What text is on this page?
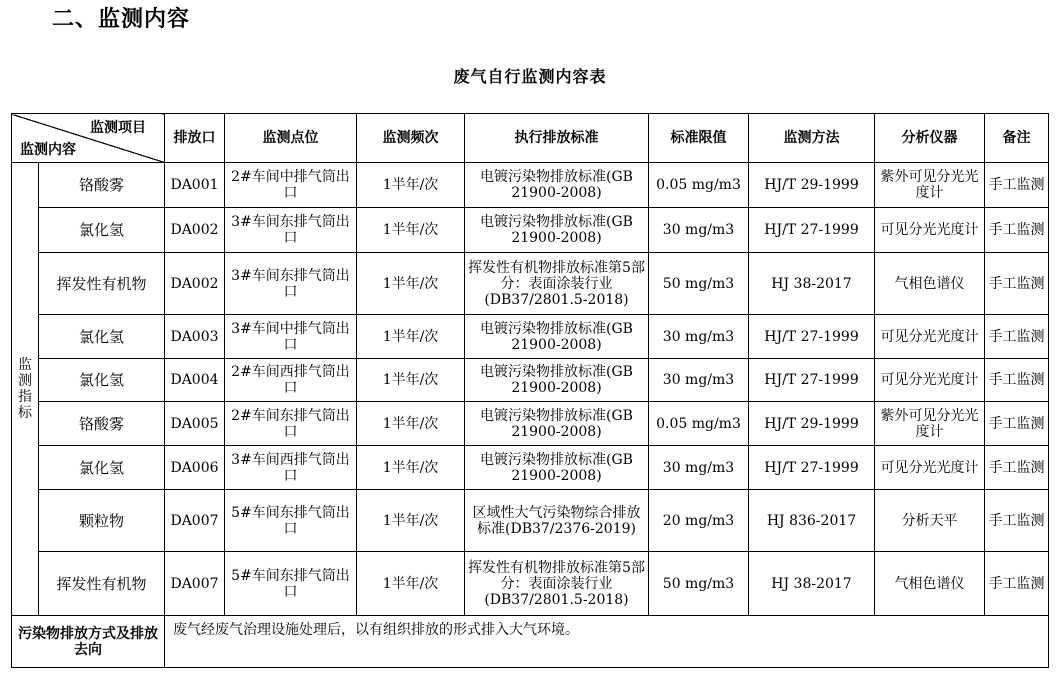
二、监测内容
废气自行监测内容表
监测项目
监测内容		排放口	监测点位	监测频次	执行排放标准	标准限值	监测方法	分析仪器	备注

监
测
指
标	铬酸雾	DA001	2#车间中排气筒出口	1半年/次	电镀污染物排放标准(GB 21900-2008)	0.05 mg/m3	HJ/T 29-1999	紫外可见分光光度计	手工监测
	氯化氢	DA002	3#车间东排气筒出口	1半年/次	电镀污染物排放标准(GB 21900-2008)	30 mg/m3	HJ/T 27-1999	可见分光光度计	手工监测
	挥发性有机物	DA002	3#车间东排气筒出口	1半年/次	挥发性有机物排放标准第5部分：表面涂装行业(DB37/2801.5-2018)	50 mg/m3	HJ 38-2017	气相色谱仪	手工监测
	氯化氢	DA003	3#车间中排气筒出口	1半年/次	电镀污染物排放标准(GB 21900-2008)	30 mg/m3	HJ/T 27-1999	可见分光光度计	手工监测
	氯化氢	DA004	2#车间西排气筒出口	1半年/次	电镀污染物排放标准(GB 21900-2008)	30 mg/m3	HJ/T 27-1999	可见分光光度计	手工监测
	铬酸雾	DA005	2#车间东排气筒出口	1半年/次	电镀污染物排放标准(GB 21900-2008)	0.05 mg/m3	HJ/T 29-1999	紫外可见分光光度计	手工监测
	氯化氢	DA006	3#车间西排气筒出口	1半年/次	电镀污染物排放标准(GB 21900-2008)	30 mg/m3	HJ/T 27-1999	可见分光光度计	手工监测
	颗粒物	DA007	5#车间东排气筒出口	1半年/次	区域性大气污染物综合排放标准(DB37/2376-2019)	20 mg/m3	HJ 836-2017	分析天平	手工监测
	挥发性有机物	DA007	5#车间东排气筒出口	1半年/次	挥发性有机物排放标准第5部分：表面涂装行业(DB37/2801.5-2018)	50 mg/m3	HJ 38-2017	气相色谱仪	手工监测
污染物排放方式及排放去向		废气经废气治理设施处理后，以有组织排放的形式排入大气环境。							
